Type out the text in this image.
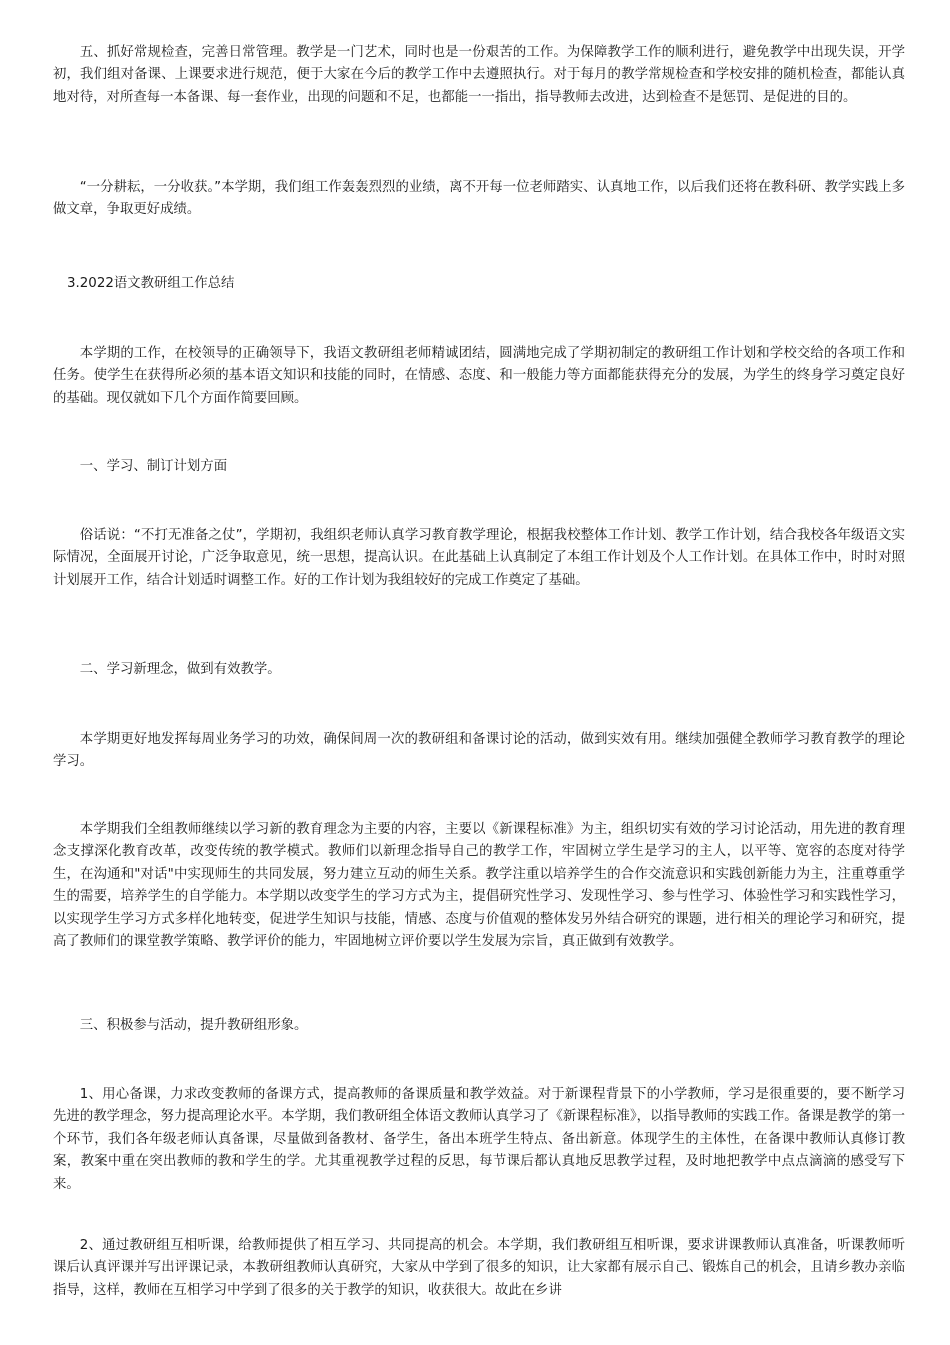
五、抓好常规检查，完善日常管理。教学是一门艺术，同时也是一份艰苦的工作。为保障教学工作的顺利进行，避免教学中出现失误，开学初，我们组对备课、上课要求进行规范，便于大家在今后的教学工作中去遵照执行。对于每月的教学常规检查和学校安排的随机检查，都能认真地对待，对所查每一本备课、每一套作业，出现的问题和不足，也都能一一指出，指导教师去改进，达到检查不是惩罚、是促进的目的。

“一分耕耘，一分收获。”本学期，我们组工作轰轰烈烈的业绩，离不开每一位老师踏实、认真地工作，以后我们还将在教科研、教学实践上多做文章，争取更好成绩。

3.2022语文教研组工作总结

本学期的工作，在校领导的正确领导下，我语文教研组老师精诚团结，圆满地完成了学期初制定的教研组工作计划和学校交给的各项工作和任务。使学生在获得所必须的基本语文知识和技能的同时，在情感、态度、和一般能力等方面都能获得充分的发展，为学生的终身学习奠定良好的基础。现仅就如下几个方面作简要回顾。

一、学习、制订计划方面

俗话说：“不打无准备之仗”，学期初，我组织老师认真学习教育教学理论，根据我校整体工作计划、教学工作计划，结合我校各年级语文实际情况，全面展开讨论，广泛争取意见，统一思想，提高认识。在此基础上认真制定了本组工作计划及个人工作计划。在具体工作中，时时对照计划展开工作，结合计划适时调整工作。好的工作计划为我组较好的完成工作奠定了基础。

二、学习新理念，做到有效教学。

本学期更好地发挥每周业务学习的功效，确保间周一次的教研组和备课讨论的活动，做到实效有用。继续加强健全教师学习教育教学的理论学习。

本学期我们全组教师继续以学习新的教育理念为主要的内容，主要以《新课程标准》为主，组织切实有效的学习讨论活动，用先进的教育理念支撑深化教育改革，改变传统的教学模式。教师们以新理念指导自己的教学工作，牢固树立学生是学习的主人，以平等、宽容的态度对待学生，在沟通和"对话"中实现师生的共同发展，努力建立互动的师生关系。教学注重以培养学生的合作交流意识和实践创新能力为主，注重尊重学生的需要，培养学生的自学能力。本学期以改变学生的学习方式为主，提倡研究性学习、发现性学习、参与性学习、体验性学习和实践性学习，以实现学生学习方式多样化地转变，促进学生知识与技能，情感、态度与价值观的整体发另外结合研究的课题，进行相关的理论学习和研究，提高了教师们的课堂教学策略、教学评价的能力，牢固地树立评价要以学生发展为宗旨，真正做到有效教学。

三、积极参与活动，提升教研组形象。

1、用心备课，力求改变教师的备课方式，提高教师的备课质量和教学效益。对于新课程背景下的小学教师，学习是很重要的，要不断学习先进的教学理念，努力提高理论水平。本学期，我们教研组全体语文教师认真学习了《新课程标准》，以指导教师的实践工作。备课是教学的第一个环节，我们各年级老师认真备课，尽量做到备教材、备学生，备出本班学生特点、备出新意。体现学生的主体性，在备课中教师认真修订教案，教案中重在突出教师的教和学生的学。尤其重视教学过程的反思，每节课后都认真地反思教学过程，及时地把教学中点点滴滴的感受写下来。

2、通过教研组互相听课，给教师提供了相互学习、共同提高的机会。本学期，我们教研组互相听课，要求讲课教师认真准备，听课教师听课后认真评课并写出评课记录，本教研组教师认真研究，大家从中学到了很多的知识，让大家都有展示自己、锻炼自己的机会，且请乡教办亲临指导，这样，教师在互相学习中学到了很多的关于教学的知识，收获很大。故此在乡讲
